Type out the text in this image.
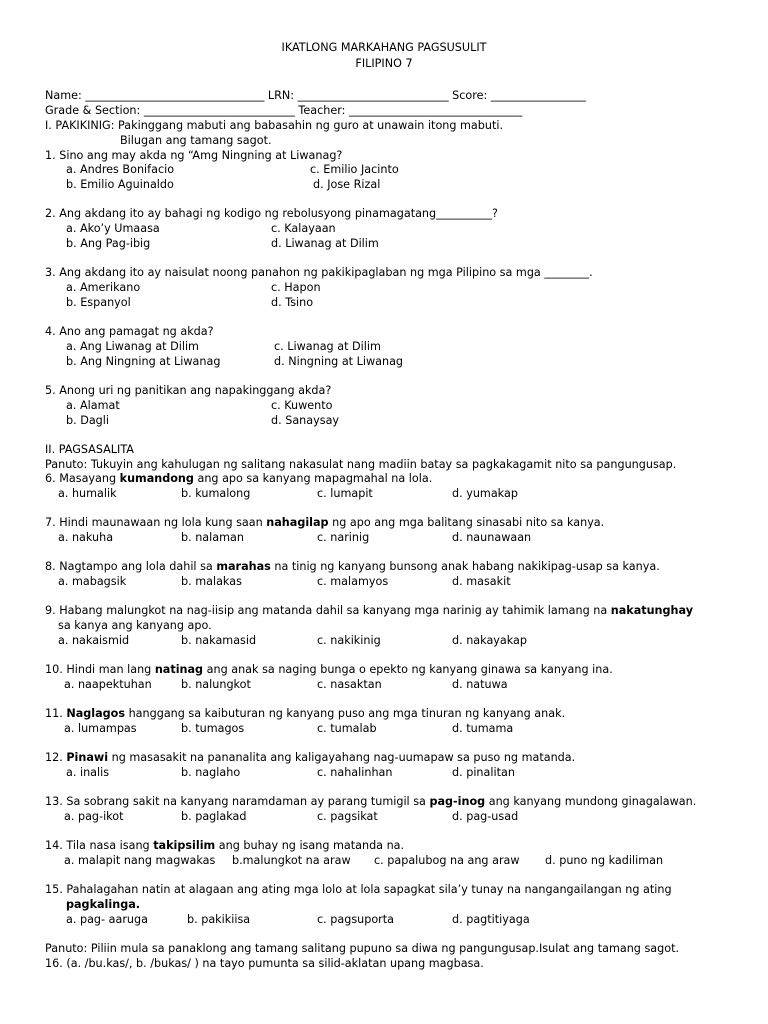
IKATLONG MARKAHANG PAGSUSULIT
FILIPINO 7
Name: ________________________________ LRN: ___________________________ Score: _________________
Grade & Section: ___________________________ Teacher: _______________________________
I. PAKIKINIG: Pakinggang mabuti ang babasahin ng guro at unawain itong mabuti.
Bilugan ang tamang sagot.
1. Sino ang may akda ng “Amg Ningning at Liwanag?
a. Andres Bonifacio	c. Emilio Jacinto
b. Emilio Aguinaldo	d. Jose Rizal
2. Ang akdang ito ay bahagi ng kodigo ng rebolusyong pinamagatang__________?
a. Ako’y Umaasa	c. Kalayaan
b. Ang Pag-ibig	d. Liwanag at Dilim
3. Ang akdang ito ay naisulat noong panahon ng pakikipaglaban ng mga Pilipino sa mga ________.
a. Amerikano	c. Hapon
b. Espanyol	d. Tsino
4. Ano ang pamagat ng akda?
a. Ang Liwanag at Dilim	c. Liwanag at Dilim
b. Ang Ningning at Liwanag	d. Ningning at Liwanag
5. Anong uri ng panitikan ang napakinggang akda?
a. Alamat	c. Kuwento
b. Dagli	d. Sanaysay
II. PAGSASALITA
Panuto: Tukuyin ang kahulugan ng salitang nakasulat nang madiin batay sa pagkakagamit nito sa pangungusap.
6. Masayang kumandong ang apo sa kanyang mapagmahal na lola.
a. humalik	b. kumalong	c. lumapit	d. yumakap
7. Hindi maunawaan ng lola kung saan nahagilap ng apo ang mga balitang sinasabi nito sa kanya.
a. nakuha	b. nalaman	c. narinig	d. naunawaan
8. Nagtampo ang lola dahil sa marahas na tinig ng kanyang bunsong anak habang nakikipag-usap sa kanya.
a. mabagsik	b. malakas	c. malamyos	d. masakit
9. Habang malungkot na nag-iisip ang matanda dahil sa kanyang mga narinig ay tahimik lamang na nakatunghay
sa kanya ang kanyang apo.
a. nakaismid	b. nakamasid	c. nakikinig	d. nakayakap
10. Hindi man lang natinag ang anak sa naging bunga o epekto ng kanyang ginawa sa kanyang ina.
a. naapektuhan	b. nalungkot	c. nasaktan	d. natuwa
11. Naglagos hanggang sa kaibuturan ng kanyang puso ang mga tinuran ng kanyang anak.
a. lumampas	b. tumagos	c. tumalab	d. tumama
12. Pinawi ng masasakit na pananalita ang kaligayahang nag-uumapaw sa puso ng matanda.
a. inalis	b. naglaho	c. nahalinhan	d. pinalitan
13. Sa sobrang sakit na kanyang naramdaman ay parang tumigil sa pag-inog ang kanyang mundong ginagalawan.
a. pag-ikot	b. paglakad	c. pagsikat	d. pag-usad
14. Tila nasa isang takipsilim ang buhay ng isang matanda na.
a. malapit nang magwakas b.malungkot na araw c. papalubog na ang araw d. puno ng kadiliman
15. Pahalagahan natin at alagaan ang ating mga lolo at lola sapagkat sila’y tunay na nangangailangan ng ating
pagkalinga.
a. pag- aaruga	b. pakikiisa	c. pagsuporta	d. pagtitiyaga
Panuto: Piliin mula sa panaklong ang tamang salitang pupuno sa diwa ng pangungusap.Isulat ang tamang sagot.
16. (a. /bu.kas/, b. /bukas/ ) na tayo pumunta sa silid-aklatan upang magbasa.
